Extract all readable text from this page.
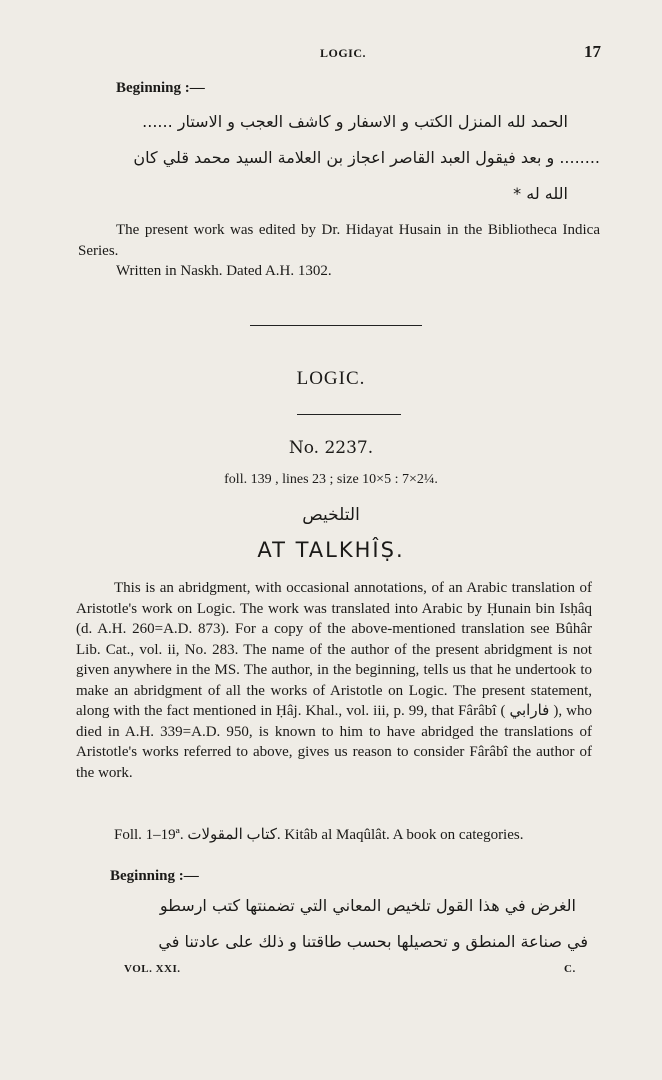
LOGIC.	17
Beginning :—
الحمد لله المنزل الكتب و الاسفار و كاشف العجب و الاستار ......
........ و بعد فيقول العبد القاصر اعجاز بن العلامة السيد محمد قلي كان
الله له *
The present work was edited by Dr. Hidayat Husain in the Bibliotheca Indica Series.
Written in Naskh. Dated A.H. 1302.
LOGIC.
No. 2237.
foll. 139 , lines 23 ; size 10×5 : 7×2¼.
التلخيص
AT TALKHÎṢ.
This is an abridgment, with occasional annotations, of an Arabic translation of Aristotle's work on Logic. The work was translated into Arabic by Ḥunain bin Isḥâq (d. A.H. 260=A.D. 873). For a copy of the above-mentioned translation see Bûhâr Lib. Cat., vol. ii, No. 283. The name of the author of the present abridgment is not given anywhere in the MS. The author, in the beginning, tells us that he undertook to make an abridgment of all the works of Aristotle on Logic. The present statement, along with the fact mentioned in Ḥâj. Khal., vol. iii, p. 99, that Fârâbî ( فارابي ), who died in A.H. 339=A.D. 950, is known to him to have abridged the translations of Aristotle's works referred to above, gives us reason to consider Fârâbî the author of the work.
Foll. 1–19ª. كتاب المقولات. Kitâb al Maqûlât. A book on categories.
Beginning :—
الغرض في هذا القول تلخيص المعاني التي تضمنتها كتب ارسطو
في صناعة المنطق و تحصيلها بحسب طاقتنا و ذلك على عادتنا في
VOL. XXI.	C.
